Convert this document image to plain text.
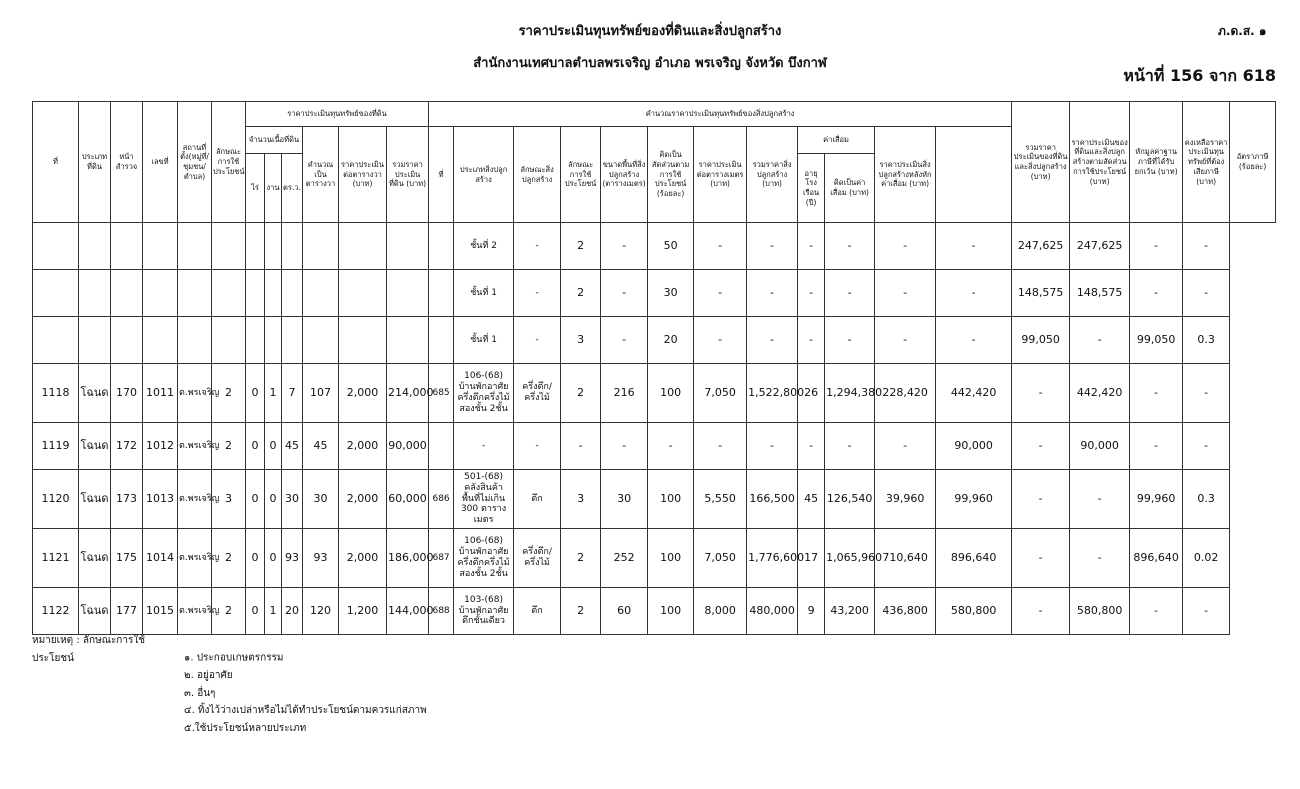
ราคาประเมินทุนทรัพย์ของที่ดินและสิ่งปลูกสร้าง
สำนักงานเทศบาลตำบลพรเจริญ อำเภอ พรเจริญ จังหวัด บึงกาฬ
ภ.ด.ส. ๑
หน้าที่ 156 จาก 618
ที่	ประเภทที่ดิน	หน้าสำรวจ	เลขที่	สถานที่ตั้ง(หมู่ที่/ชุมชน/ตำบล)	ลักษณะการใช้ประโยชน์	ราคาประเมินทุนทรัพย์ของที่ดิน						คำนวณราคาประเมินทุนทรัพย์ของสิ่งปลูกสร้าง												รวมราคาประเมินของที่ดินและสิ่งปลูกสร้าง (บาท)	ราคาประเมินของที่ดินและสิ่งปลูกสร้างตามสัดส่วนการใช้ประโยชน์ (บาท)	หักมูลค่าฐานภาษีที่ได้รับยกเว้น (บาท)	คงเหลือราคาประเมินทุนทรัพย์ที่ต้องเสียภาษี (บาท)	อัตราภาษี (ร้อยละ)
						จำนวนเนื้อที่ดิน			คำนวณเป็นตารางวา	ราคาประเมินต่อตารางวา (บาท)	รวมราคาประเมินที่ดิน (บาท)	ที่	ประเภทสิ่งปลูกสร้าง	ลักษณะสิ่งปลูกสร้าง	ลักษณะการใช้ประโยชน์	ขนาดพื้นที่สิ่งปลูกสร้าง (ตารางเมตร)	คิดเป็นสัดส่วนตามการใช้ประโยชน์ (ร้อยละ)	ราคาประเมินต่อตารางเมตร (บาท)	รวมราคาสิ่งปลูกสร้าง (บาท)	ค่าเสื่อม		ราคาประเมินสิ่งปลูกสร้างหลังหักค่าเสื่อม (บาท)						
						ไร่	งาน	ตร.ว.												อายุโรงเรือน (ปี)	คิดเป็นค่าเสื่อม (บาท)							
													ชั้นที่ 2	-	2	-	50	-	-	-	-	-	-	247,625	247,625	-	-	
													ชั้นที่ 1	-	2	-	30	-	-	-	-	-	-	148,575	148,575	-	-	
													ชั้นที่ 1	-	3	-	20	-	-	-	-	-	-	99,050	-	99,050	0.3	
1118	โฉนด	170	1011	ต.พรเจริญ	2	0	1	7	107	2,000	214,000	685	106-(68) บ้านพักอาศัยครึ่งตึกครึ่งไม้สองชั้น 2ชั้น	ครึ่งตึก/ครึ่งไม้	2	216	100	7,050	1,522,800	26	1,294,380	228,420	442,420	-	442,420	-	-	
1119	โฉนด	172	1012	ต.พรเจริญ	2	0	0	45	45	2,000	90,000		-	-	-	-	-	-	-	-	-	-	90,000	-	90,000	-	-	
1120	โฉนด	173	1013	ต.พรเจริญ	3	0	0	30	30	2,000	60,000	686	501-(68) คลังสินค้า พื้นที่ไม่เกิน 300 ตารางเมตร	ตึก	3	30	100	5,550	166,500	45	126,540	39,960	99,960	-	-	99,960	0.3	
1121	โฉนด	175	1014	ต.พรเจริญ	2	0	0	93	93	2,000	186,000	687	106-(68) บ้านพักอาศัยครึ่งตึกครึ่งไม้สองชั้น 2ชั้น	ครึ่งตึก/ครึ่งไม้	2	252	100	7,050	1,776,600	17	1,065,960	710,640	896,640	-	-	896,640	0.02	
1122	โฉนด	177	1015	ต.พรเจริญ	2	0	1	20	120	1,200	144,000	688	103-(68) บ้านพักอาศัยตึกชั้นเดียว	ตึก	2	60	100	8,000	480,000	9	43,200	436,800	580,800	-	580,800	-	-	
หมายเหตุ : ลักษณะการใช้ประโยชน์	๑. ประกอบเกษตรกรรม
๒. อยู่อาศัย
๓. อื่นๆ
๔. ทิ้งไว้ว่างเปล่าหรือไม่ได้ทำประโยชน์ตามควรแก่สภาพ
๕.ใช้ประโยชน์หลายประเภท
